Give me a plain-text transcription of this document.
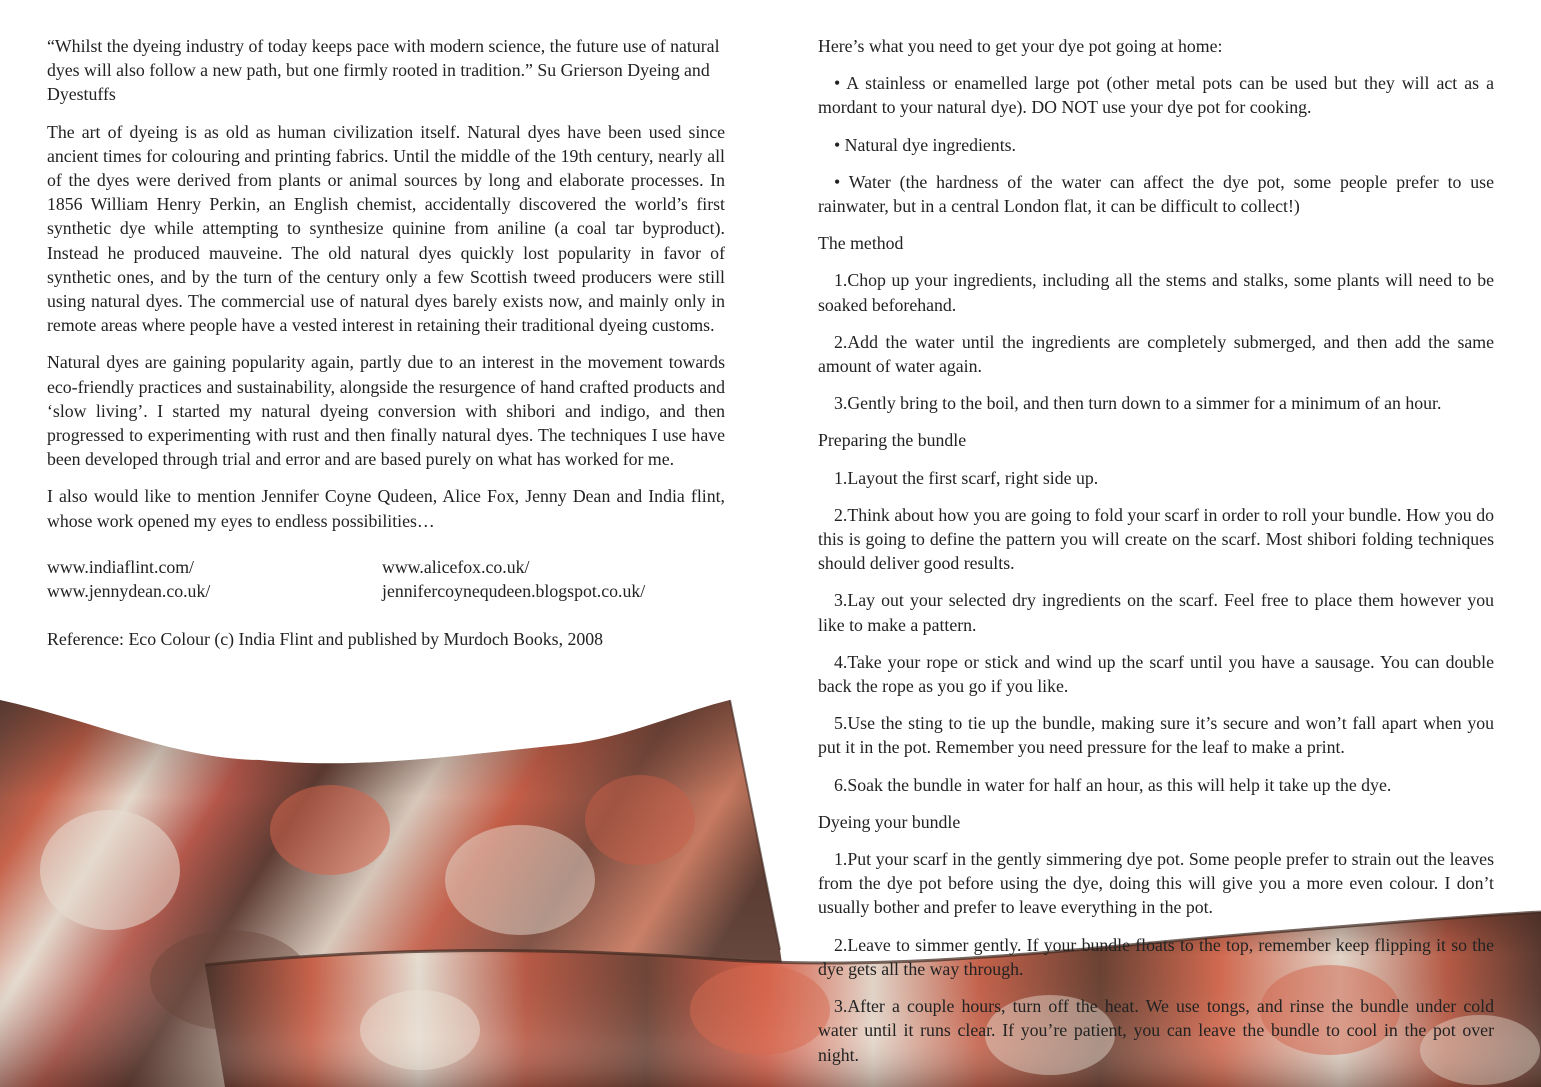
“Whilst the dyeing industry of today keeps pace with modern science, the future use of natural dyes will also follow a new path, but one firmly rooted in tradition.” Su Grierson Dyeing and Dyestuffs

The art of dyeing is as old as human civilization itself. Natural dyes have been used since ancient times for colouring and printing fabrics. Until the middle of the 19th century, nearly all of the dyes were derived from plants or animal sources by long and elaborate processes. In 1856 William Henry Perkin, an English chemist, accidentally discovered the world’s first synthetic dye while attempting to synthesize quinine from aniline (a coal tar byproduct). Instead he produced mauveine. The old natural dyes quickly lost popularity in favor of synthetic ones, and by the turn of the century only a few Scottish tweed producers were still using natural dyes. The commercial use of natural dyes barely exists now, and mainly only in remote areas where people have a vested interest in retaining their traditional dyeing customs.

Natural dyes are gaining popularity again, partly due to an interest in the movement towards eco-friendly practices and sustainability, alongside the resurgence of hand crafted products and ‘slow living’. I started my natural dyeing conversion with shibori and indigo, and then progressed to experimenting with rust and then finally natural dyes. The techniques I use have been developed through trial and error and are based purely on what has worked for me.

I also would like to mention Jennifer Coyne Qudeen, Alice Fox, Jenny Dean and India flint, whose work opened my eyes to endless possibilities…

www.indiaflint.com/	www.alicefox.co.uk/
www.jennydean.co.uk/	jennifercoynequdeen.blogspot.co.uk/

Reference: Eco Colour (c) India Flint and published by Murdoch Books, 2008

Here’s what you need to get your dye pot going at home:

• A stainless or enamelled large pot (other metal pots can be used but they will act as a mordant to your natural dye). DO NOT use your dye pot for cooking.

• Natural dye ingredients.

• Water (the hardness of the water can affect the dye pot, some people prefer to use rainwater, but in a central London flat, it can be difficult to collect!)

The method

1.Chop up your ingredients, including all the stems and stalks, some plants will need to be soaked beforehand.

2.Add the water until the ingredients are completely submerged, and then add the same amount of water again.

3.Gently bring to the boil, and then turn down to a simmer for a minimum of an hour.

Preparing the bundle

1.Layout the first scarf, right side up.

2.Think about how you are going to fold your scarf in order to roll your bundle. How you do this is going to define the pattern you will create on the scarf. Most shibori folding techniques should deliver good results.

3.Lay out your selected dry ingredients on the scarf. Feel free to place them however you like to make a pattern.

4.Take your rope or stick and wind up the scarf until you have a sausage. You can double back the rope as you go if you like.

5.Use the sting to tie up the bundle, making sure it’s secure and won’t fall apart when you put it in the pot. Remember you need pressure for the leaf to make a print.

6.Soak the bundle in water for half an hour, as this will help it take up the dye.

Dyeing your bundle

1.Put your scarf in the gently simmering dye pot. Some people prefer to strain out the leaves from the dye pot before using the dye, doing this will give you a more even colour. I don’t usually bother and prefer to leave everything in the pot.

2.Leave to simmer gently. If your bundle floats to the top, remember keep flipping it so the dye gets all the way through.

3.After a couple hours, turn off the heat. We use tongs, and rinse the bundle under cold water until it runs clear. If you’re patient, you can leave the bundle to cool in the pot over night.
